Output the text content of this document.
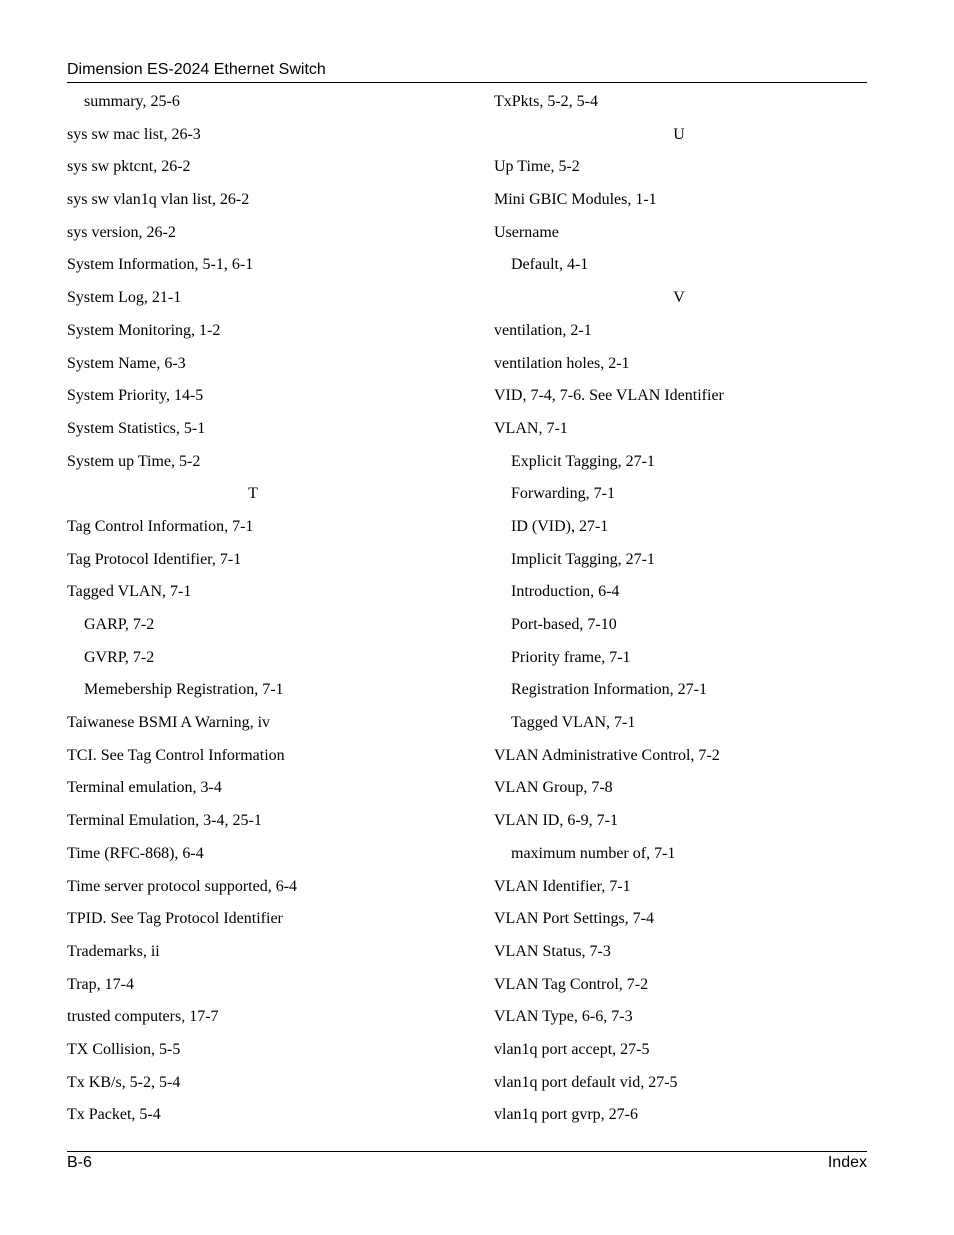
Dimension ES-2024 Ethernet Switch
summary, 25-6
sys sw mac list, 26-3
sys sw pktcnt, 26-2
sys sw vlan1q vlan list, 26-2
sys version, 26-2
System Information, 5-1, 6-1
System Log, 21-1
System Monitoring, 1-2
System Name, 6-3
System Priority, 14-5
System Statistics, 5-1
System up Time, 5-2
T
Tag Control Information, 7-1
Tag Protocol Identifier, 7-1
Tagged VLAN, 7-1
GARP, 7-2
GVRP, 7-2
Memebership Registration, 7-1
Taiwanese BSMI A Warning, iv
TCI. See Tag Control Information
Terminal emulation, 3-4
Terminal Emulation, 3-4, 25-1
Time (RFC-868), 6-4
Time server protocol supported, 6-4
TPID. See Tag Protocol Identifier
Trademarks, ii
Trap, 17-4
trusted computers, 17-7
TX Collision, 5-5
Tx KB/s, 5-2, 5-4
Tx Packet, 5-4
TxPkts, 5-2, 5-4
U
Up Time, 5-2
Mini GBIC Modules, 1-1
Username
Default, 4-1
V
ventilation, 2-1
ventilation holes, 2-1
VID, 7-4, 7-6. See VLAN Identifier
VLAN, 7-1
Explicit Tagging, 27-1
Forwarding, 7-1
ID (VID), 27-1
Implicit Tagging, 27-1
Introduction, 6-4
Port-based, 7-10
Priority frame, 7-1
Registration Information, 27-1
Tagged VLAN, 7-1
VLAN Administrative Control, 7-2
VLAN Group, 7-8
VLAN ID, 6-9, 7-1
maximum number of, 7-1
VLAN Identifier, 7-1
VLAN Port Settings, 7-4
VLAN Status, 7-3
VLAN Tag Control, 7-2
VLAN Type, 6-6, 7-3
vlan1q port accept, 27-5
vlan1q port default vid, 27-5
vlan1q port gvrp, 27-6
B-6	Index
